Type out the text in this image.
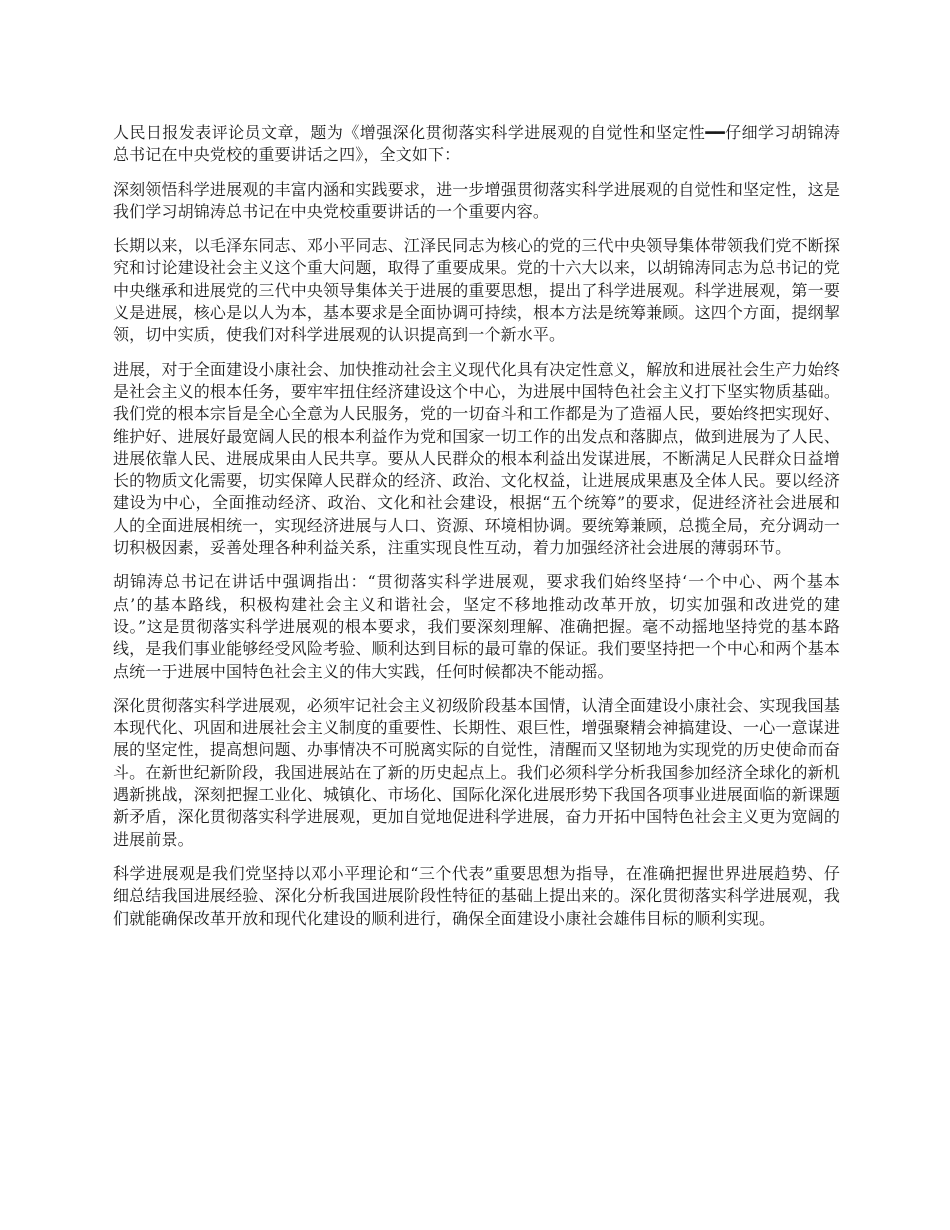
人民日报发表评论员文章，题为《增强深化贯彻落实科学进展观的自觉性和坚定性━━仔细学习胡锦涛总书记在中央党校的重要讲话之四》，全文如下：

深刻领悟科学进展观的丰富内涵和实践要求，进一步增强贯彻落实科学进展观的自觉性和坚定性，这是我们学习胡锦涛总书记在中央党校重要讲话的一个重要内容。

长期以来，以毛泽东同志、邓小平同志、江泽民同志为核心的党的三代中央领导集体带领我们党不断探究和讨论建设社会主义这个重大问题，取得了重要成果。党的十六大以来，以胡锦涛同志为总书记的党中央继承和进展党的三代中央领导集体关于进展的重要思想，提出了科学进展观。科学进展观，第一要义是进展，核心是以人为本，基本要求是全面协调可持续，根本方法是统筹兼顾。这四个方面，提纲挈领，切中实质，使我们对科学进展观的认识提高到一个新水平。

进展，对于全面建设小康社会、加快推动社会主义现代化具有决定性意义，解放和进展社会生产力始终是社会主义的根本任务，要牢牢扭住经济建设这个中心，为进展中国特色社会主义打下坚实物质基础。我们党的根本宗旨是全心全意为人民服务，党的一切奋斗和工作都是为了造福人民，要始终把实现好、维护好、进展好最宽阔人民的根本利益作为党和国家一切工作的出发点和落脚点，做到进展为了人民、进展依靠人民、进展成果由人民共享。要从人民群众的根本利益出发谋进展，不断满足人民群众日益增长的物质文化需要，切实保障人民群众的经济、政治、文化权益，让进展成果惠及全体人民。要以经济建设为中心，全面推动经济、政治、文化和社会建设，根据“五个统筹”的要求，促进经济社会进展和人的全面进展相统一，实现经济进展与人口、资源、环境相协调。要统筹兼顾，总揽全局，充分调动一切积极因素，妥善处理各种利益关系，注重实现良性互动，着力加强经济社会进展的薄弱环节。

胡锦涛总书记在讲话中强调指出：“贯彻落实科学进展观，要求我们始终坚持‘一个中心、两个基本点’的基本路线，积极构建社会主义和谐社会，坚定不移地推动改革开放，切实加强和改进党的建设。”这是贯彻落实科学进展观的根本要求，我们要深刻理解、准确把握。毫不动摇地坚持党的基本路线，是我们事业能够经受风险考验、顺利达到目标的最可靠的保证。我们要坚持把一个中心和两个基本点统一于进展中国特色社会主义的伟大实践，任何时候都决不能动摇。

深化贯彻落实科学进展观，必须牢记社会主义初级阶段基本国情，认清全面建设小康社会、实现我国基本现代化、巩固和进展社会主义制度的重要性、长期性、艰巨性，增强聚精会神搞建设、一心一意谋进展的坚定性，提高想问题、办事情决不可脱离实际的自觉性，清醒而又坚韧地为实现党的历史使命而奋斗。在新世纪新阶段，我国进展站在了新的历史起点上。我们必须科学分析我国参加经济全球化的新机遇新挑战，深刻把握工业化、城镇化、市场化、国际化深化进展形势下我国各项事业进展面临的新课题新矛盾，深化贯彻落实科学进展观，更加自觉地促进科学进展，奋力开拓中国特色社会主义更为宽阔的进展前景。

科学进展观是我们党坚持以邓小平理论和“三个代表”重要思想为指导，在准确把握世界进展趋势、仔细总结我国进展经验、深化分析我国进展阶段性特征的基础上提出来的。深化贯彻落实科学进展观，我们就能确保改革开放和现代化建设的顺利进行，确保全面建设小康社会雄伟目标的顺利实现。
